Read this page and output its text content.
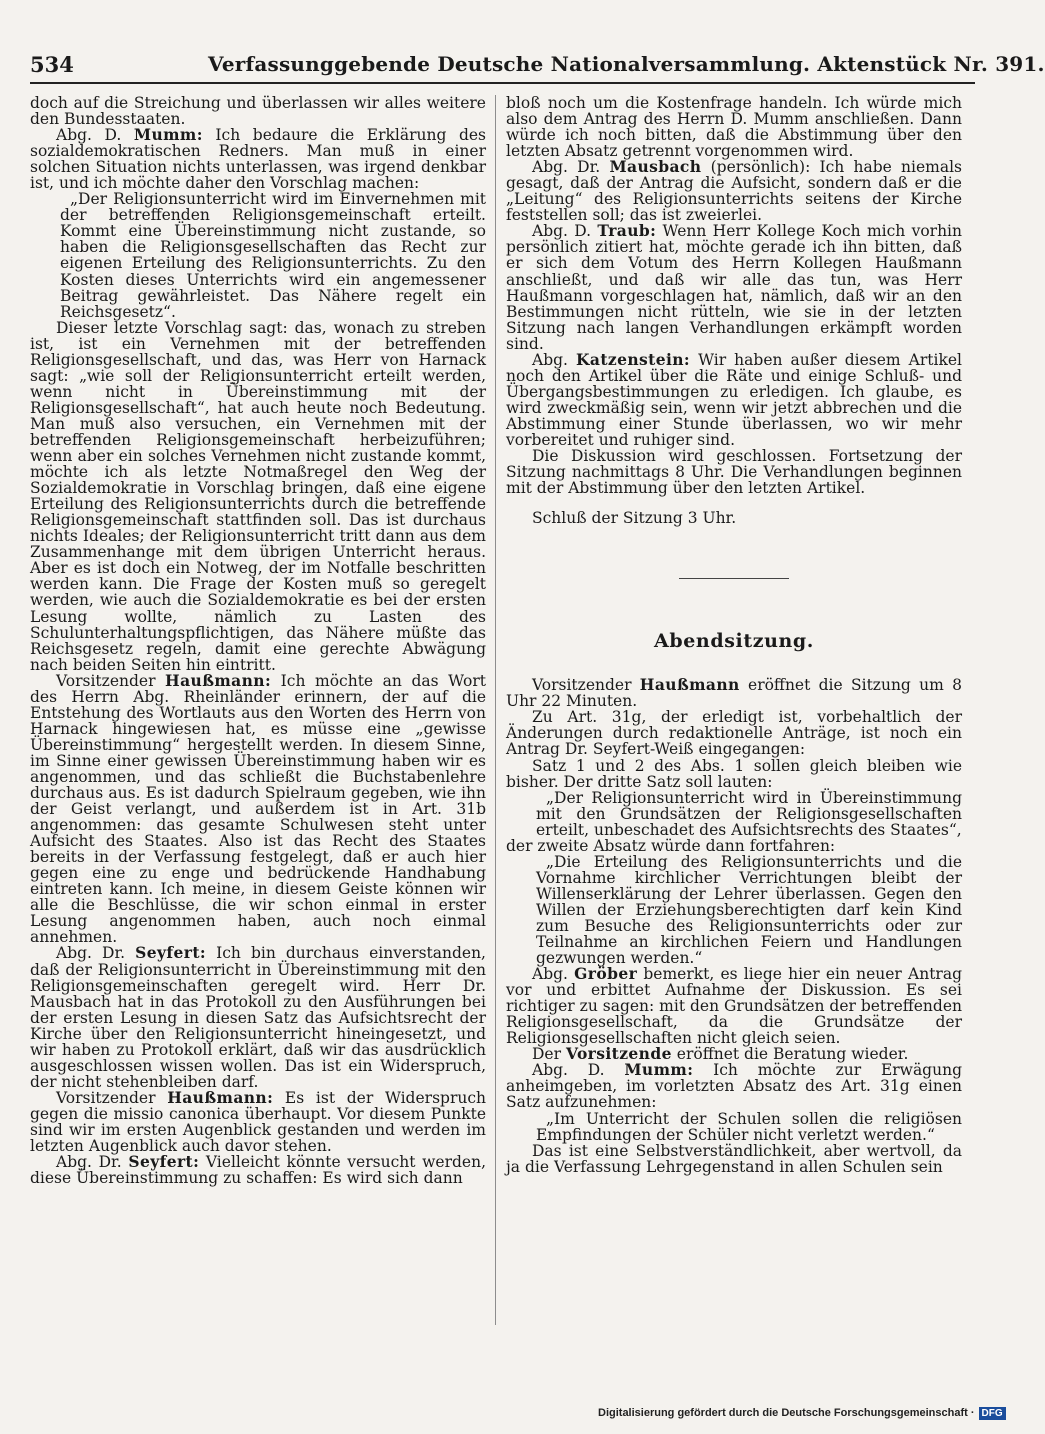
534	Verfassunggebende Deutsche Nationalversammlung. Aktenstück Nr. 391.

doch auf die Streichung und überlassen wir alles weitere den Bundesstaaten.

Abg. D. Mumm: Ich bedaure die Erklärung des sozialdemokratischen Redners. Man muß in einer solchen Situation nichts unterlassen, was irgend denkbar ist, und ich möchte daher den Vorschlag machen:

„Der Religionsunterricht wird im Einvernehmen mit der betreffenden Religionsgemeinschaft erteilt. Kommt eine Übereinstimmung nicht zustande, so haben die Religionsgesellschaften das Recht zur eigenen Erteilung des Religionsunterrichts. Zu den Kosten dieses Unterrichts wird ein angemessener Beitrag gewährleistet. Das Nähere regelt ein Reichsgesetz“.

Dieser letzte Vorschlag sagt: das, wonach zu streben ist, ist ein Vernehmen mit der betreffenden Religionsgesellschaft, und das, was Herr von Harnack sagt: „wie soll der Religionsunterricht erteilt werden, wenn nicht in Übereinstimmung mit der Religionsgesellschaft“, hat auch heute noch Bedeutung. Man muß also versuchen, ein Vernehmen mit der betreffenden Religionsgemeinschaft herbeizuführen; wenn aber ein solches Vernehmen nicht zustande kommt, möchte ich als letzte Notmaßregel den Weg der Sozialdemokratie in Vorschlag bringen, daß eine eigene Erteilung des Religionsunterrichts durch die betreffende Religionsgemeinschaft stattfinden soll. Das ist durchaus nichts Ideales; der Religionsunterricht tritt dann aus dem Zusammenhange mit dem übrigen Unterricht heraus. Aber es ist doch ein Notweg, der im Notfalle beschritten werden kann. Die Frage der Kosten muß so geregelt werden, wie auch die Sozialdemokratie es bei der ersten Lesung wollte, nämlich zu Lasten des Schulunterhaltungspflichtigen, das Nähere müßte das Reichsgesetz regeln, damit eine gerechte Abwägung nach beiden Seiten hin eintritt.

Vorsitzender Haußmann: Ich möchte an das Wort des Herrn Abg. Rheinländer erinnern, der auf die Entstehung des Wortlauts aus den Worten des Herrn von Harnack hingewiesen hat, es müsse eine „gewisse Übereinstimmung“ hergestellt werden. In diesem Sinne, im Sinne einer gewissen Übereinstimmung haben wir es angenommen, und das schließt die Buchstabenlehre durchaus aus. Es ist dadurch Spielraum gegeben, wie ihn der Geist verlangt, und außerdem ist in Art. 31b angenommen: das gesamte Schulwesen steht unter Aufsicht des Staates. Also ist das Recht des Staates bereits in der Verfassung festgelegt, daß er auch hier gegen eine zu enge und bedrückende Handhabung eintreten kann. Ich meine, in diesem Geiste können wir alle die Beschlüsse, die wir schon einmal in erster Lesung angenommen haben, auch noch einmal annehmen.

Abg. Dr. Seyfert: Ich bin durchaus einverstanden, daß der Religionsunterricht in Übereinstimmung mit den Religionsgemeinschaften geregelt wird. Herr Dr. Mausbach hat in das Protokoll zu den Ausführungen bei der ersten Lesung in diesen Satz das Aufsichtsrecht der Kirche über den Religionsunterricht hineingesetzt, und wir haben zu Protokoll erklärt, daß wir das ausdrücklich ausgeschlossen wissen wollen. Das ist ein Widerspruch, der nicht stehenbleiben darf.

Vorsitzender Haußmann: Es ist der Widerspruch gegen die missio canonica überhaupt. Vor diesem Punkte sind wir im ersten Augenblick gestanden und werden im letzten Augenblick auch davor stehen.

Abg. Dr. Seyfert: Vielleicht könnte versucht werden, diese Übereinstimmung zu schaffen: Es wird sich dann

bloß noch um die Kostenfrage handeln. Ich würde mich also dem Antrag des Herrn D. Mumm anschließen. Dann würde ich noch bitten, daß die Abstimmung über den letzten Absatz getrennt vorgenommen wird.

Abg. Dr. Mausbach (persönlich): Ich habe niemals gesagt, daß der Antrag die Aufsicht, sondern daß er die „Leitung“ des Religionsunterrichts seitens der Kirche feststellen soll; das ist zweierlei.

Abg. D. Traub: Wenn Herr Kollege Koch mich vorhin persönlich zitiert hat, möchte gerade ich ihn bitten, daß er sich dem Votum des Herrn Kollegen Haußmann anschließt, und daß wir alle das tun, was Herr Haußmann vorgeschlagen hat, nämlich, daß wir an den Bestimmungen nicht rütteln, wie sie in der letzten Sitzung nach langen Verhandlungen erkämpft worden sind.

Abg. Katzenstein: Wir haben außer diesem Artikel noch den Artikel über die Räte und einige Schluß- und Übergangsbestimmungen zu erledigen. Ich glaube, es wird zweckmäßig sein, wenn wir jetzt abbrechen und die Abstimmung einer Stunde überlassen, wo wir mehr vorbereitet und ruhiger sind.

Die Diskussion wird geschlossen. Fortsetzung der Sitzung nachmittags 8 Uhr. Die Verhandlungen beginnen mit der Abstimmung über den letzten Artikel.

Schluß der Sitzung 3 Uhr.

Abendsitzung.

Vorsitzender Haußmann eröffnet die Sitzung um 8 Uhr 22 Minuten.

Zu Art. 31g, der erledigt ist, vorbehaltlich der Änderungen durch redaktionelle Anträge, ist noch ein Antrag Dr. Seyfert-Weiß eingegangen:

Satz 1 und 2 des Abs. 1 sollen gleich bleiben wie bisher. Der dritte Satz soll lauten:

„Der Religionsunterricht wird in Übereinstimmung mit den Grundsätzen der Religionsgesellschaften erteilt, unbeschadet des Aufsichtsrechts des Staates“,

der zweite Absatz würde dann fortfahren:

„Die Erteilung des Religionsunterrichts und die Vornahme kirchlicher Verrichtungen bleibt der Willenserklärung der Lehrer überlassen. Gegen den Willen der Erziehungsberechtigten darf kein Kind zum Besuche des Religionsunterrichts oder zur Teilnahme an kirchlichen Feiern und Handlungen gezwungen werden.“

Abg. Gröber bemerkt, es liege hier ein neuer Antrag vor und erbittet Aufnahme der Diskussion. Es sei richtiger zu sagen: mit den Grundsätzen der betreffenden Religionsgesellschaft, da die Grundsätze der Religionsgesellschaften nicht gleich seien.

Der Vorsitzende eröffnet die Beratung wieder.

Abg. D. Mumm: Ich möchte zur Erwägung anheimgeben, im vorletzten Absatz des Art. 31g einen Satz aufzunehmen:

„Im Unterricht der Schulen sollen die religiösen Empfindungen der Schüler nicht verletzt werden.“

Das ist eine Selbstverständlichkeit, aber wertvoll, da ja die Verfassung Lehrgegenstand in allen Schulen sein

Digitalisierung gefördert durch die Deutsche Forschungsgemeinschaft · DFG
